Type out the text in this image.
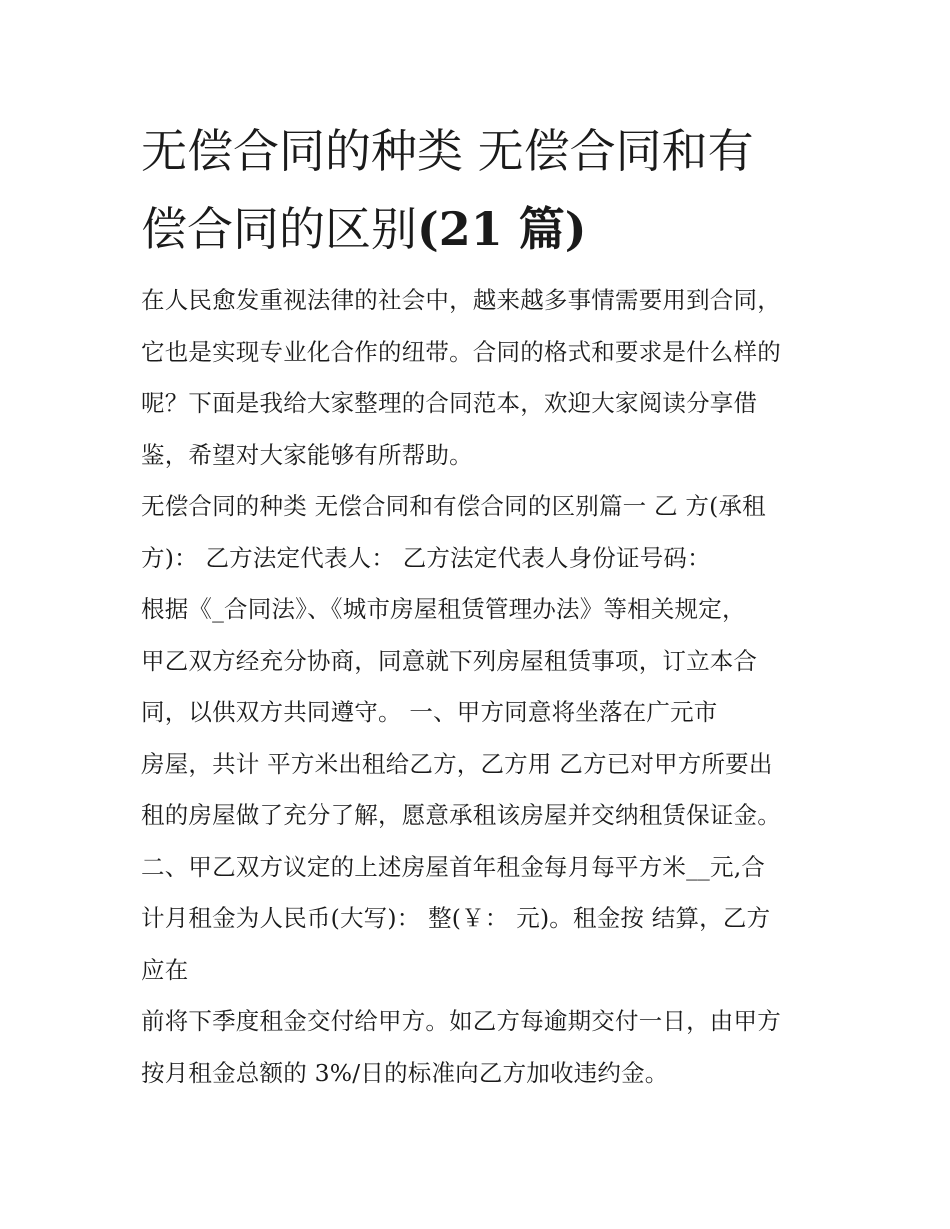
无偿合同的种类 无偿合同和有
偿合同的区别(21 篇)
在人民愈发重视法律的社会中，越来越多事情需要用到合同，
它也是实现专业化合作的纽带。合同的格式和要求是什么样的
呢？下面是我给大家整理的合同范本，欢迎大家阅读分享借
鉴，希望对大家能够有所帮助。
无偿合同的种类 无偿合同和有偿合同的区别篇一 乙 方(承租
方)： 乙方法定代表人： 乙方法定代表人身份证号码：
根据《_合同法》、《城市房屋租赁管理办法》等相关规定，
甲乙双方经充分协商，同意就下列房屋租赁事项，订立本合
同，以供双方共同遵守。 一、甲方同意将坐落在广元市
房屋，共计 平方米出租给乙方，乙方用 乙方已对甲方所要出
租的房屋做了充分了解，愿意承租该房屋并交纳租赁保证金。
二、甲乙双方议定的上述房屋首年租金每月每平方米__元,合
计月租金为人民币(大写)： 整(￥： 元)。租金按 结算，乙方
应在
前将下季度租金交付给甲方。如乙方每逾期交付一日，由甲方
按月租金总额的 3%/日的标准向乙方加收违约金。
